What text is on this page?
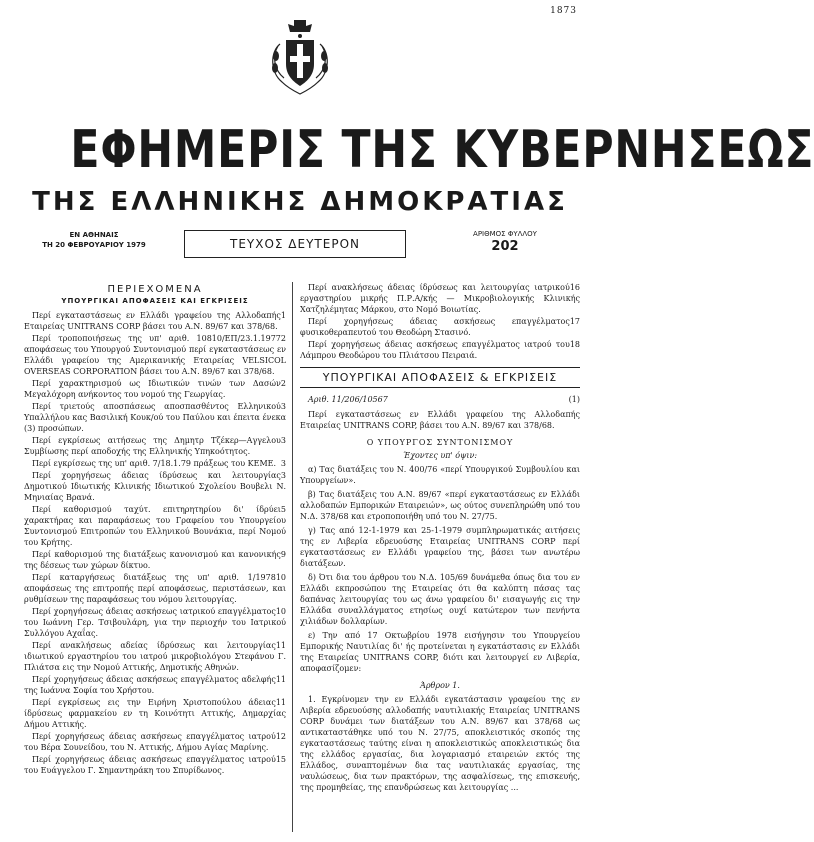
1873
ΕΦΗΜΕΡΙΣ ΤΗΣ ΚΥΒΕΡΝΗΣΕΩΣ
ΤΗΣ ΕΛΛΗΝΙΚΗΣ ΔΗΜΟΚΡΑΤΙΑΣ
ΕΝ ΑΘΗΝΑΙΣ
ΤΗ 20 ΦΕΒΡΟΥΑΡΙΟΥ 1979	ΤΕΥΧΟΣ ΔΕΥΤΕΡΟΝ
ΑΡΙΘΜΟΣ ΦΥΛΛΟΥ
202
ΠΕΡΙΕΧΟΜΕΝΑ
ΥΠΟΥΡΓΙΚΑΙ ΑΠΟΦΑΣΕΙΣ ΚΑΙ ΕΓΚΡΙΣΕΙΣ
1
Περί εγκαταστάσεως εν Ελλάδι γραφείου της Αλλοδαπής Εταιρείας UNITRANS CORP βάσει του Α.Ν. 89/67 και 378/68.
2
Περί τροποποιήσεως της υπ' αριθ. 10810/ΕΠ/23.1.1977 αποφάσεως του Υπουργού Συντονισμού περί εγκαταστάσεως εν Ελλάδι γραφείου της Αμερικανικής Εταιρείας VELSICOL OVERSEAS CORPORATION βάσει του Α.Ν. 89/67 και 378/68.
2
Περί χαρακτηρισμού ως Ιδιωτικών τινών των Δασών Μεγαλόχορη ανήκοντος του νομού της Γεωργίας.
3
Περί τριετούς αποσπάσεως αποσπασθέντος Ελληνικού Υπαλλήλου κας Βασιλική Κουκ/ού του Παύλου και έπειτα ένεκα (3) προσώπων.
3
Περί εγκρίσεως αιτήσεως της Δημητρ Τζέκερ—Αγγελου Συμβίωσης περί αποδοχής της Ελληνικής Υπηκοότητος.
3
Περί εγκρίσεως της υπ' αριθ. 7/18.1.79 πράξεως του ΚΕΜΕ.
3
Περί χορηγήσεως άδειας ίδρύσεως και λειτουργίας Δημοτικού Ιδιωτικής Κλινικής Ιδιωτικού Σχολείου Βουβελι Ν. Μηνιαίας Βρανά.
5
Περί καθορισμού ταχύτ. επιτηρητηρίου δι' ίδρύει χαρακτήρας και παραφάσεως του Γραφείου του Υπουργείου Συντονισμού Επιτροπών του Ελληνικού Βουνάκια, περί Νομού του Κρήτης.
9
Περί καθορισμού της διατάξεως κανονισμού και κανονικής της δέσεως των χώρων δίκτυο.
10
Περί καταργήσεως διατάξεως της υπ' αριθ. 1/1978 αποφάσεως της επιτροπής περί αποφάσεως, περιστάσεων, και ρυθμίσεων της παραφάσεως του νόμου λειτουργίας.
10
Περί χορηγήσεως άδειας ασκήσεως ιατρικού επαγγέλματος του Ιωάννη Γερ. Τσιβουλάρη, για την περιοχήν του Ιατρικού Συλλόγου Αχαΐας.
11
Περί ανακλήσεως αδείας ίδρύσεως και λειτουργίας ιδιωτικού εργαστηρίου του ιατρού μικροβιολόγου Στεφάνου Γ. Πλιάτσα εις την Νομού Αττικής, Δημοτικής Αθηνών.
11
Περί χορηγήσεως άδειας ασκήσεως επαγγέλματος αδελφής της Ιωάννα Σοφία του Χρήστου.
11
Περί εγκρίσεως εις την Ειρήνη Χριστοπούλου άδειας ίδρύσεως φαρμακείου εν τη Κοινότητι Αττικής, Δημαρχίας Δήμου Αττικής.
12
Περί χορηγήσεως άδειας ασκήσεως επαγγέλματος ιατρού του Βέρα Σουνείδου, του Ν. Αττικής, Δήμου Αγίας Μαρίνης.
15
Περί χορηγήσεως άδειας ασκήσεως επαγγέλματος ιατρού του Ευάγγελου Γ. Σημαντηράκη του Σπυρίδωνος.
16
Περί ανακλήσεως άδειας ίδρύσεως και λειτουργίας ιατρικού εργαστηρίου μικρής Π.Ρ.Α/κής — Μικροβιολογικής Κλινικής Χατζηλέμητας Μάρκου, στο Νομό Βοιωτίας.
17
Περί χορηγήσεως άδειας ασκήσεως επαγγέλματος φυσικοθεραπευτού του Θεοδώρη Στασινό.
18
Περί χορηγήσεως άδειας ασκήσεως επαγγέλματος ιατρού του Λάμπρου Θεοδώρου του Πλιάτσου Πειραιά.
ΥΠΟΥΡΓΙΚΑΙ ΑΠΟΦΑΣΕΙΣ & ΕΓΚΡΙΣΕΙΣ
Αριθ. 11/206/10567	(1)
Περί εγκαταστάσεως εν Ελλάδι γραφείου της Αλλοδαπής Εταιρείας UNITRANS CORP, βάσει του Α.Ν. 89/67 και 378/68.
Ο ΥΠΟΥΡΓΟΣ ΣΥΝΤΟΝΙΣΜΟΥ
Έχοντες υπ' όψιν:
α) Τας διατάξεις του Ν. 400/76 «περί Υπουργικού Συμβουλίου και Υπουργείων».
β) Τας διατάξεις του Α.Ν. 89/67 «περί εγκαταστάσεως εν Ελλάδι αλλοδαπών Εμπορικών Εταιρειών», ως ούτος συνεπληρώθη υπό του Ν.Δ. 378/68 και ετροποποιήθη υπό του Ν. 27/75.
γ) Τας από 12-1-1979 και 25-1-1979 συμπληρωματικάς αιτήσεις της εν Λιβερία εδρευούσης Εταιρείας UNITRANS CORP περί εγκαταστάσεως εν Ελλάδι γραφείου της, βάσει των ανωτέρω διατάξεων.
δ) Ότι δια του άρθρου του Ν.Δ. 105/69 δυνάμεθα όπως δια του εν Ελλάδι εκπροσώπου της Εταιρείας ότι θα καλύπτη πάσας τας δαπάνας λειτουργίας του ως άνω γραφείου δι' εισαγωγής εις την Ελλάδα συναλλάγματος ετησίως ουχί κατώτερον των πενήντα χιλιάδων δολλαρίων.
ε) Την από 17 Οκτωβρίου 1978 εισήγησιν του Υπουργείου Εμπορικής Ναυτιλίας δι' ής προτείνεται η εγκατάστασις εν Ελλάδι της Εταιρείας UNITRANS CORP, διότι και λειτουργεί εν Λιβερία, αποφασίζομεν:
Άρθρον 1.
1. Εγκρίνομεν την εν Ελλάδι εγκατάστασιν γραφείου της εν Λιβερία εδρευούσης αλλοδαπής ναυτιλιακής Εταιρείας UNITRANS CORP δυνάμει των διατάξεων του Α.Ν. 89/67 και 378/68 ως αντικαταστάθηκε υπό του Ν. 27/75, αποκλειστικός σκοπός της εγκαταστάσεως ταύτης είναι η αποκλειστικώς αποκλειστικώς δια της ελλάδος εργασίας, δια λογαριασμό εταιρειών εκτός της Ελλάδος, συναπτομένων δια τας ναυτιλιακάς εργασίας, της ναυλώσεως, δια των πρακτόρων, της ασφαλίσεως, της επισκευής, της προμηθείας, της επανδρώσεως και λειτουργίας ...
